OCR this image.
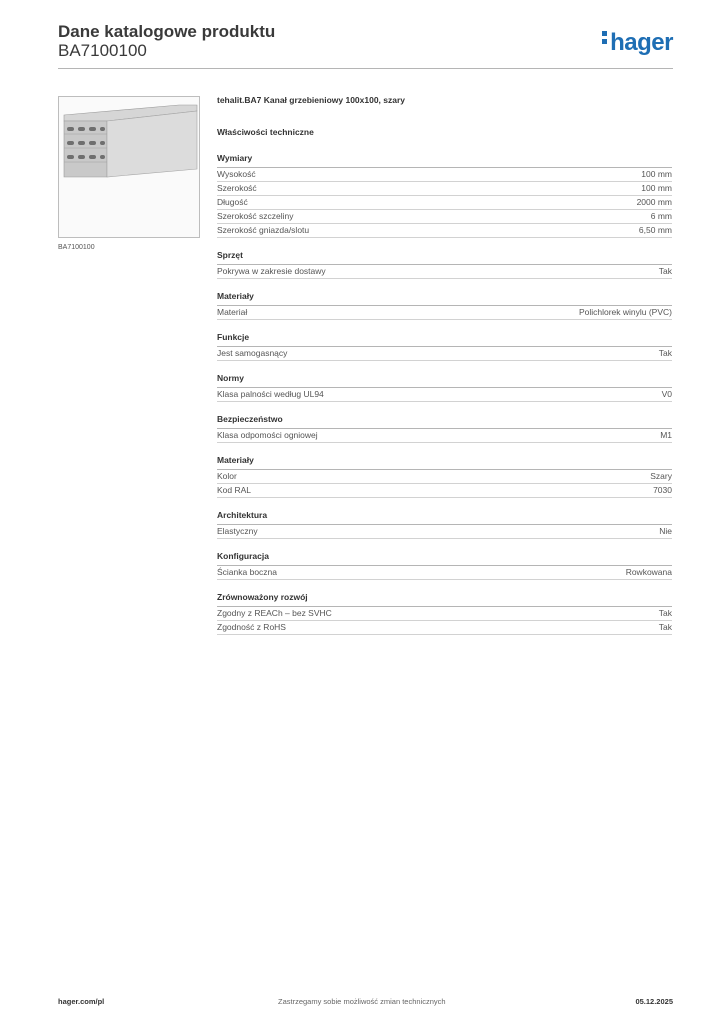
Dane katalogowe produktu
BA7100100	hager
BA7100100
tehalit.BA7 Kanał grzebieniowy 100x100, szary
Właściwości techniczne
Wymiary
Wysokość	100 mm
Szerokość	100 mm
Długość	2000 mm
Szerokość szczeliny	6 mm
Szerokość gniazda/slotu	6,50 mm
Sprzęt
Pokrywa w zakresie dostawy	Tak
Materiały
Materiał	Polichlorek winylu (PVC)
Funkcje
Jest samogasnący	Tak
Normy
Klasa palności według UL94	V0
Bezpieczeństwo
Klasa odpomości ogniowej	M1
Materiały
Kolor	Szary
Kod RAL	7030
Architektura
Elastyczny	Nie
Konfiguracja
Ścianka boczna	Rowkowana
Zrównoważony rozwój
Zgodny z REACh – bez SVHC	Tak
Zgodność z RoHS	Tak
hager.com/pl	Zastrzegamy sobie możliwość zmian technicznych	05.12.2025
